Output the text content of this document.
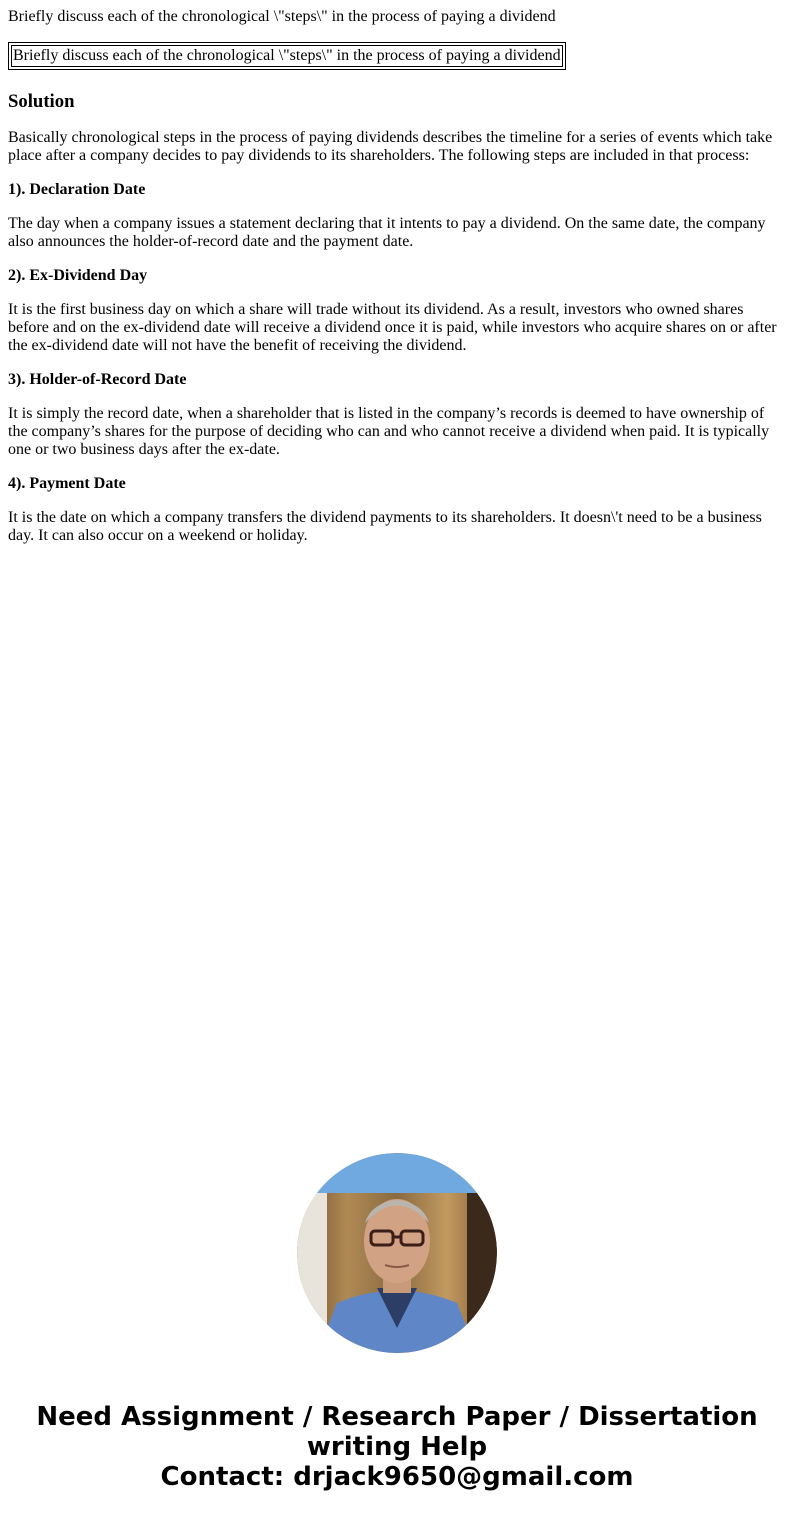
Briefly discuss each of the chronological \"steps\" in the process of paying a dividend
Briefly discuss each of the chronological \"steps\" in the process of paying a dividend
Solution

Basically chronological steps in the process of paying dividends describes the timeline for a series of events which take place after a company decides to pay dividends to its shareholders. The following steps are included in that process:

1). Declaration Date

The day when a company issues a statement declaring that it intents to pay a dividend. On the same date, the company also announces the holder-of-record date and the payment date.

2). Ex-Dividend Day

It is the first business day on which a share will trade without its dividend. As a result, investors who owned shares before and on the ex-dividend date will receive a dividend once it is paid, while investors who acquire shares on or after the ex-dividend date will not have the benefit of receiving the dividend.

3). Holder-of-Record Date

It is simply the record date, when a shareholder that is listed in the company’s records is deemed to have ownership of the company’s shares for the purpose of deciding who can and who cannot receive a dividend when paid. It is typically one or two business days after the ex-date.

4). Payment Date

It is the date on which a company transfers the dividend payments to its shareholders. It doesn\'t need to be a business day. It can also occur on a weekend or holiday.

Need Assignment / Research Paper / Dissertation
writing Help
Contact: drjack9650@gmail.com
